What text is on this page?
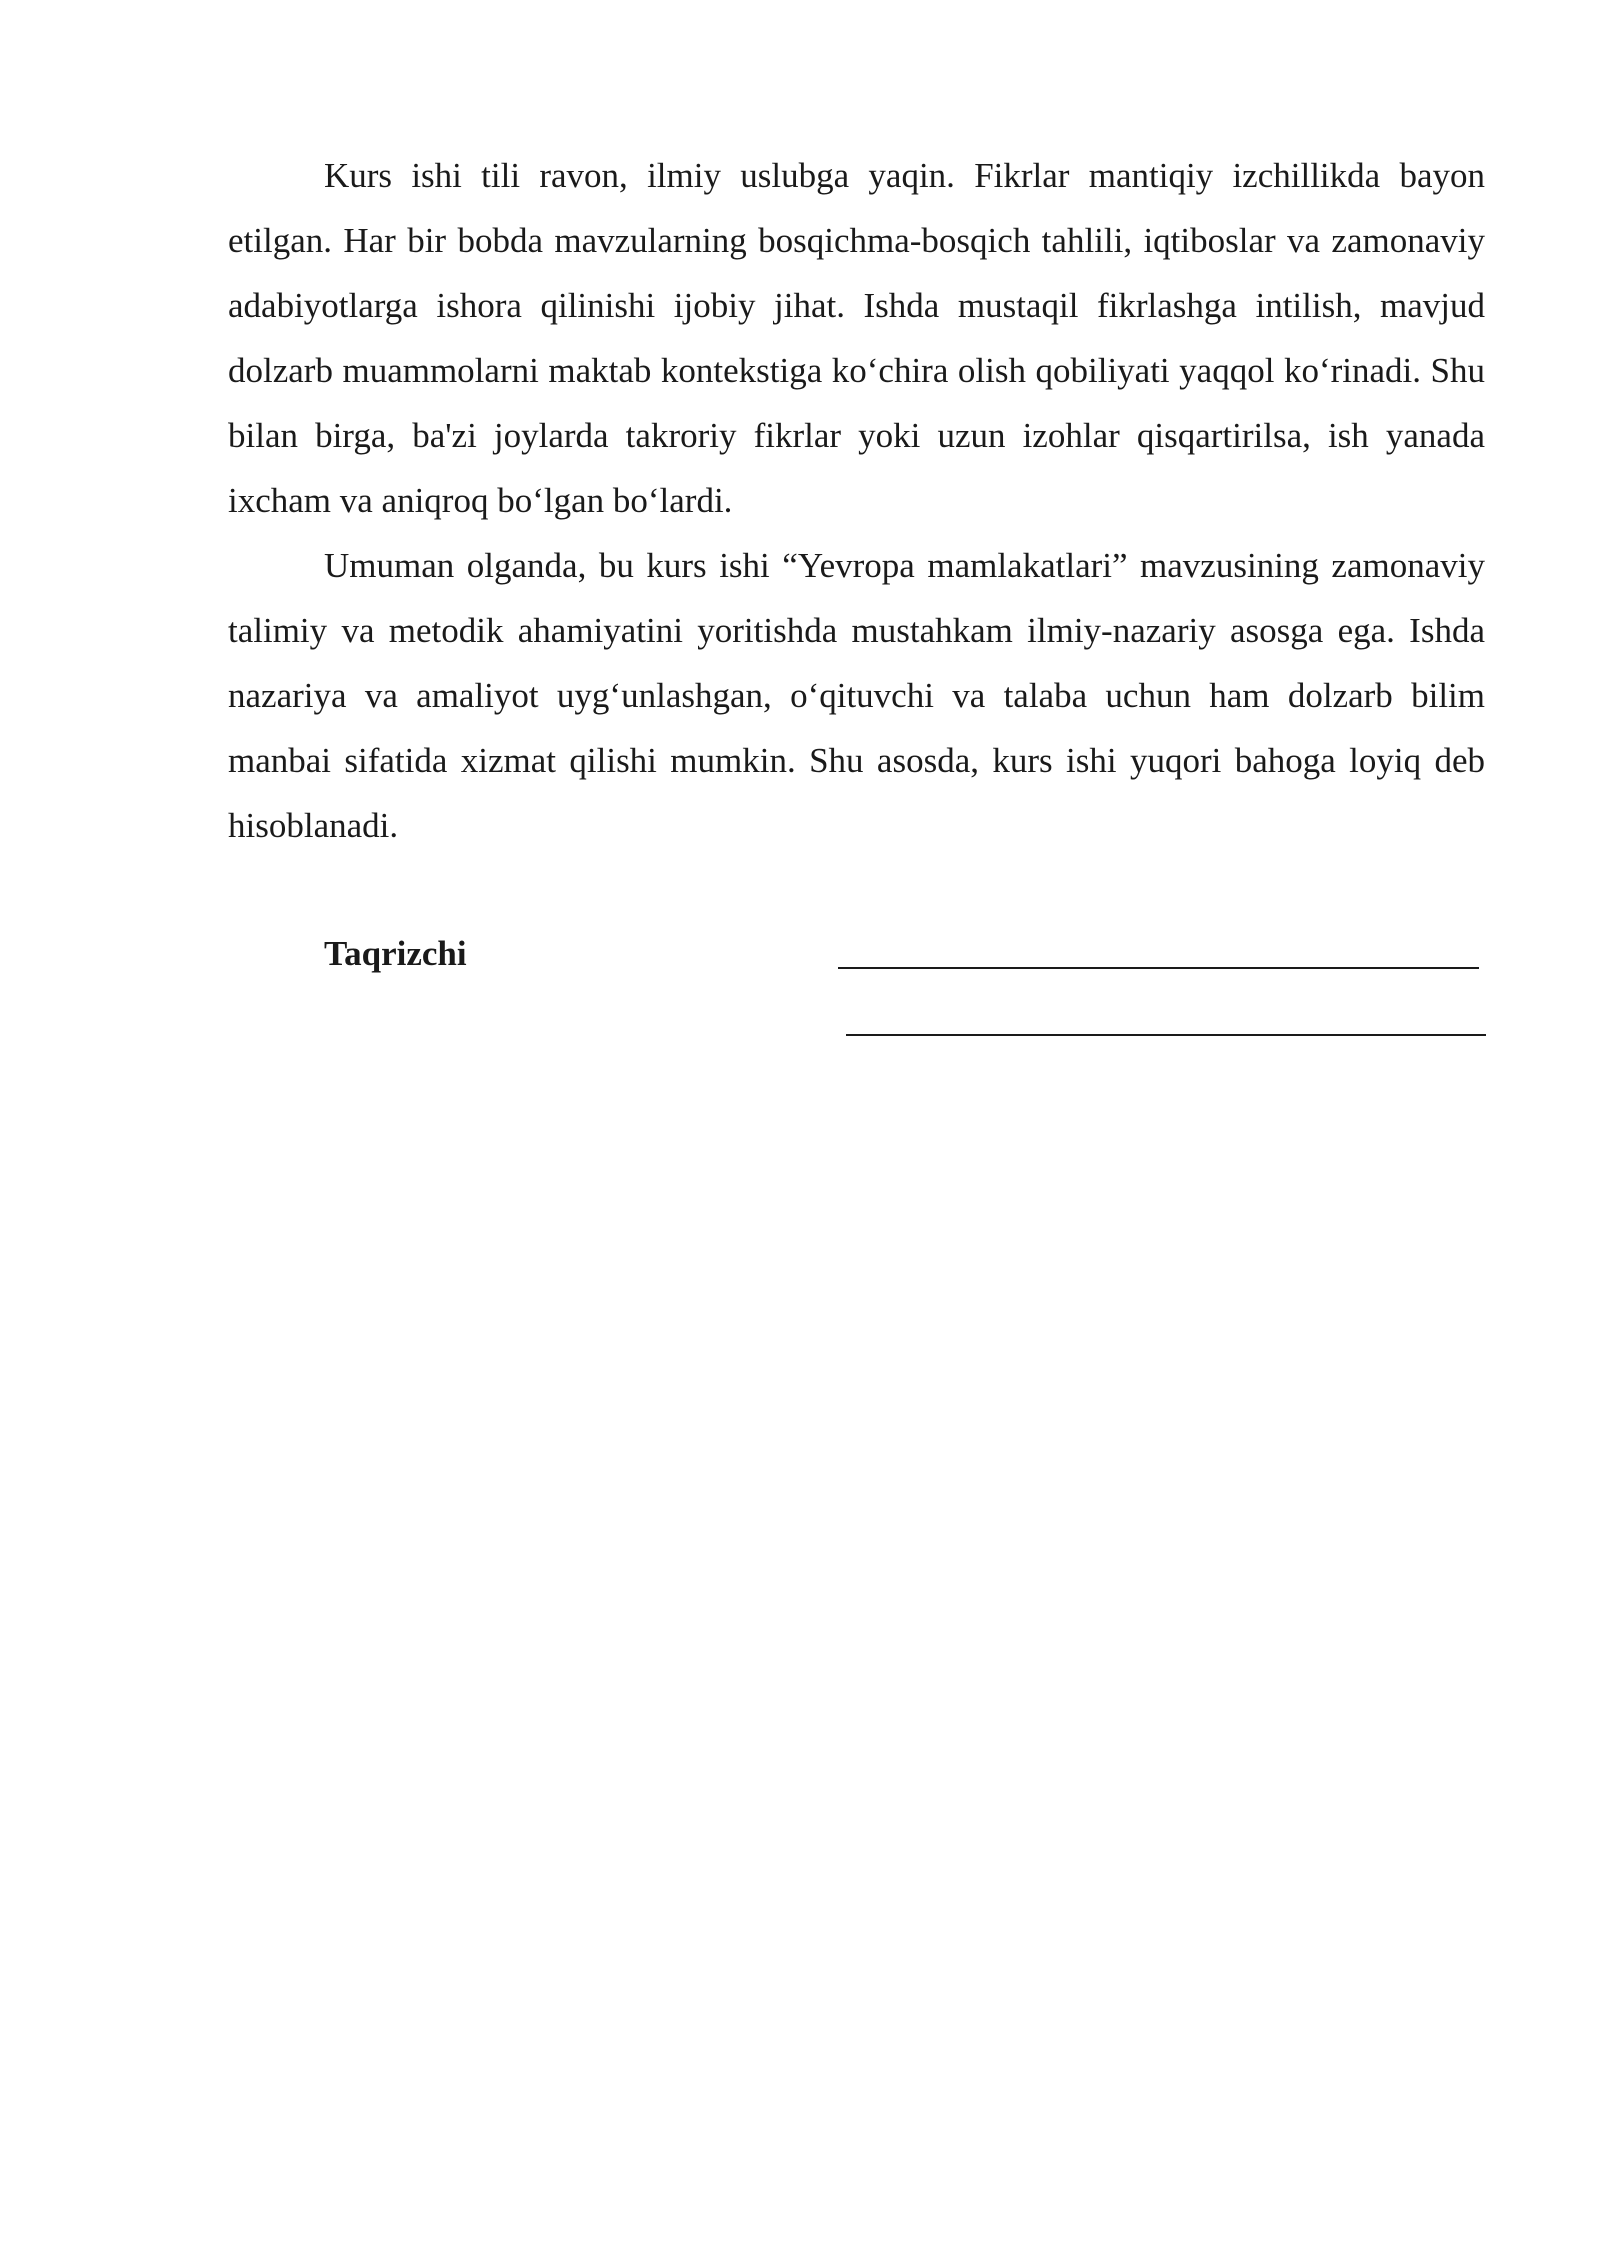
Kurs ishi tili ravon, ilmiy uslubga yaqin. Fikrlar mantiqiy izchillikda bayon etilgan. Har bir bobda mavzularning bosqichma-bosqich tahlili, iqtiboslar va zamonaviy adabiyotlarga ishora qilinishi ijobiy jihat. Ishda mustaqil fikrlashga intilish, mavjud dolzarb muammolarni maktab kontekstiga ko‘chira olish qobiliyati yaqqol ko‘rinadi. Shu bilan birga, ba'zi joylarda takroriy fikrlar yoki uzun izohlar qisqartirilsa, ish yanada ixcham va aniqroq bo‘lgan bo‘lardi.

Umuman olganda, bu kurs ishi “Yevropa mamlakatlari” mavzusining zamonaviy talimiy va metodik ahamiyatini yoritishda mustahkam ilmiy-nazariy asosga ega. Ishda nazariya va amaliyot uyg‘unlashgan, o‘qituvchi va talaba uchun ham dolzarb bilim manbai sifatida xizmat qilishi mumkin. Shu asosda, kurs ishi yuqori bahoga loyiq deb hisoblanadi.

Taqrizchi
